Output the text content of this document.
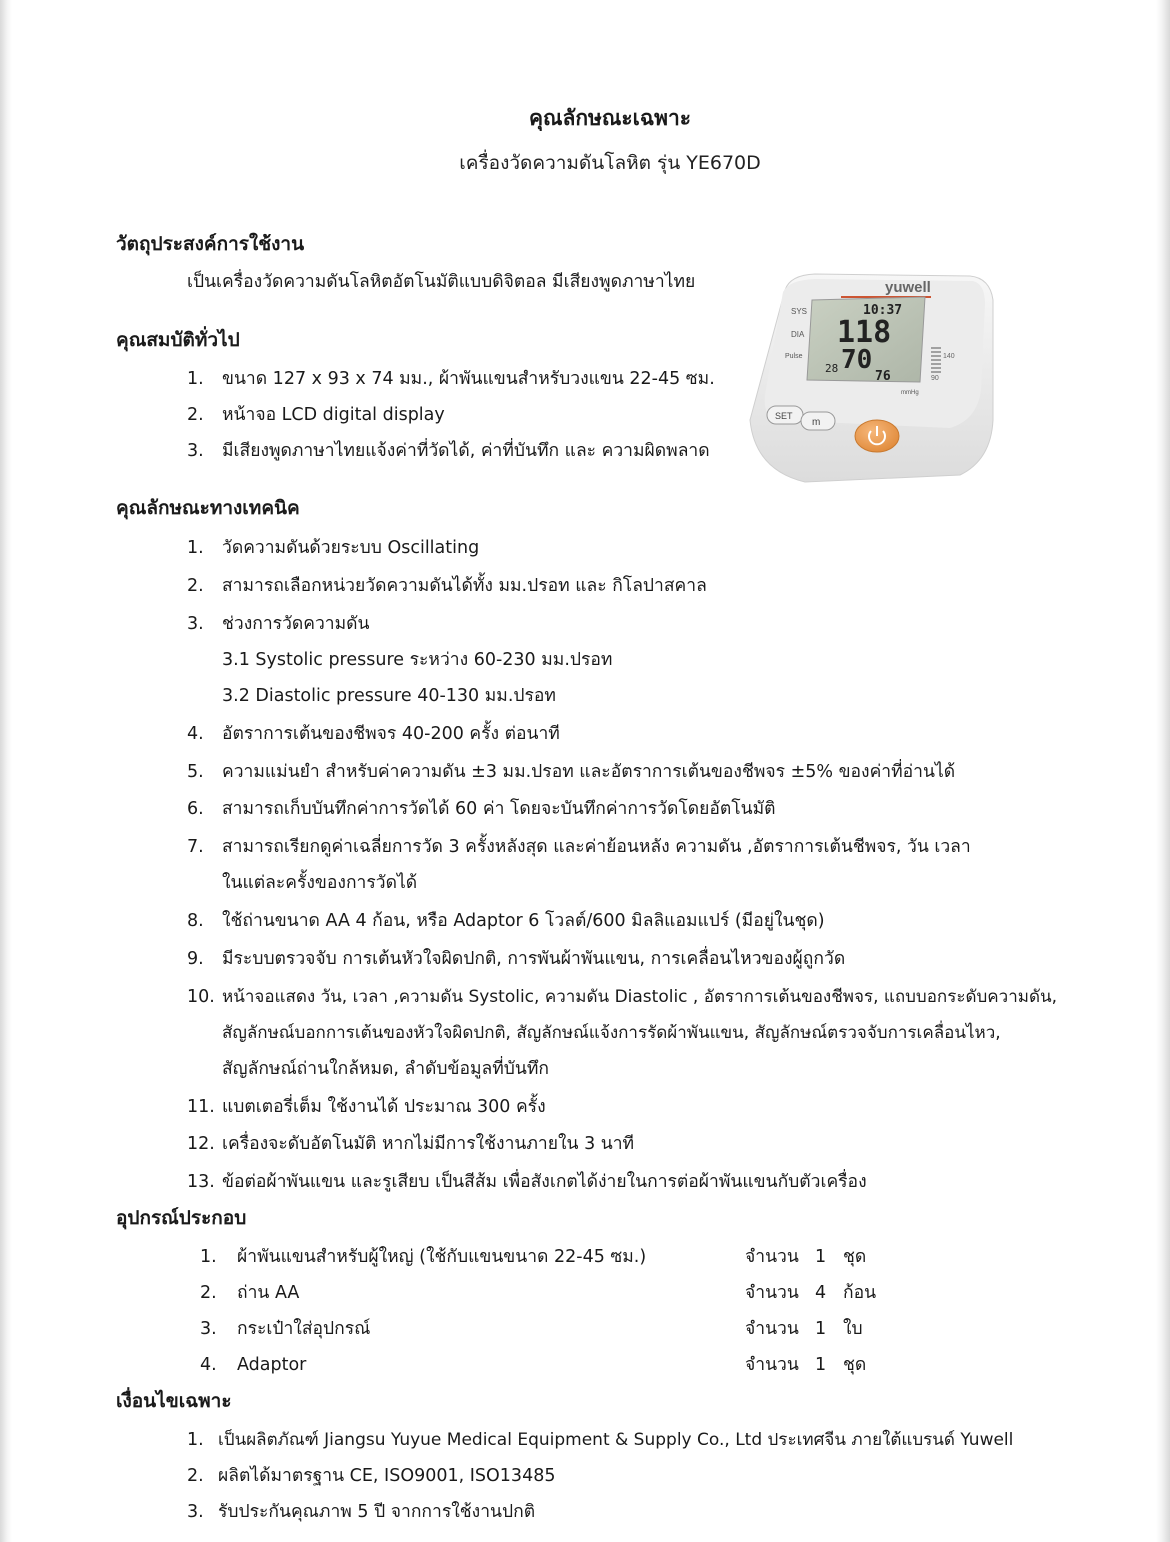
คุณลักษณะเฉพาะ
เครื่องวัดความดันโลหิต รุ่น YE670D
วัตถุประสงค์การใช้งาน
เป็นเครื่องวัดความดันโลหิตอัตโนมัติแบบดิจิตอล มีเสียงพูดภาษาไทย
คุณสมบัติทั่วไป
1. ขนาด 127 x 93 x 74 มม., ผ้าพันแขนสำหรับวงแขน 22-45 ซม.
2. หน้าจอ LCD digital display
3. มีเสียงพูดภาษาไทยแจ้งค่าที่วัดได้, ค่าที่บันทึก และ ความผิดพลาด
yuwell
10:37
118
70
76
28
SYS
DIA
Pulse
mmHg
140
90
SET
m
คุณลักษณะทางเทคนิค
1. วัดความดันด้วยระบบ Oscillating
2. สามารถเลือกหน่วยวัดความดันได้ทั้ง มม.ปรอท และ กิโลปาสคาล
3. ช่วงการวัดความดัน
3.1 Systolic pressure ระหว่าง 60-230 มม.ปรอท
3.2 Diastolic pressure 40-130 มม.ปรอท
4. อัตราการเต้นของชีพจร 40-200 ครั้ง ต่อนาที
5. ความแม่นยำ สำหรับค่าความดัน ±3 มม.ปรอท และอัตราการเต้นของชีพจร ±5% ของค่าที่อ่านได้
6. สามารถเก็บบันทึกค่าการวัดได้ 60 ค่า โดยจะบันทึกค่าการวัดโดยอัตโนมัติ
7. สามารถเรียกดูค่าเฉลี่ยการวัด 3 ครั้งหลังสุด และค่าย้อนหลัง ความดัน ,อัตราการเต้นชีพจร, วัน เวลา
ในแต่ละครั้งของการวัดได้
8. ใช้ถ่านขนาด AA 4 ก้อน, หรือ Adaptor 6 โวลต์/600 มิลลิแอมแปร์ (มีอยู่ในชุด)
9. มีระบบตรวจจับ การเต้นหัวใจผิดปกติ, การพันผ้าพันแขน, การเคลื่อนไหวของผู้ถูกวัด
10. หน้าจอแสดง วัน, เวลา ,ความดัน Systolic, ความดัน Diastolic , อัตราการเต้นของชีพจร, แถบบอกระดับความดัน,
สัญลักษณ์บอกการเต้นของหัวใจผิดปกติ, สัญลักษณ์แจ้งการรัดผ้าพันแขน, สัญลักษณ์ตรวจจับการเคลื่อนไหว,
สัญลักษณ์ถ่านใกล้หมด, ลำดับข้อมูลที่บันทึก
11. แบตเตอรี่เต็ม ใช้งานได้ ประมาณ 300 ครั้ง
12. เครื่องจะดับอัตโนมัติ หากไม่มีการใช้งานภายใน 3 นาที
13. ข้อต่อผ้าพันแขน และรูเสียบ เป็นสีส้ม เพื่อสังเกตได้ง่ายในการต่อผ้าพันแขนกับตัวเครื่อง
อุปกรณ์ประกอบ
1. ผ้าพันแขนสำหรับผู้ใหญ่ (ใช้กับแขนขนาด 22-45 ซม.)	จำนวน 1 ชุด
2. ถ่าน AA	จำนวน 4 ก้อน
3. กระเป๋าใส่อุปกรณ์	จำนวน 1 ใบ
4. Adaptor	จำนวน 1 ชุด
เงื่อนไขเฉพาะ
1. เป็นผลิตภัณฑ์ Jiangsu Yuyue Medical Equipment & Supply Co., Ltd ประเทศจีน ภายใต้แบรนด์ Yuwell
2. ผลิตได้มาตรฐาน CE, ISO9001, ISO13485
3. รับประกันคุณภาพ 5 ปี จากการใช้งานปกติ
